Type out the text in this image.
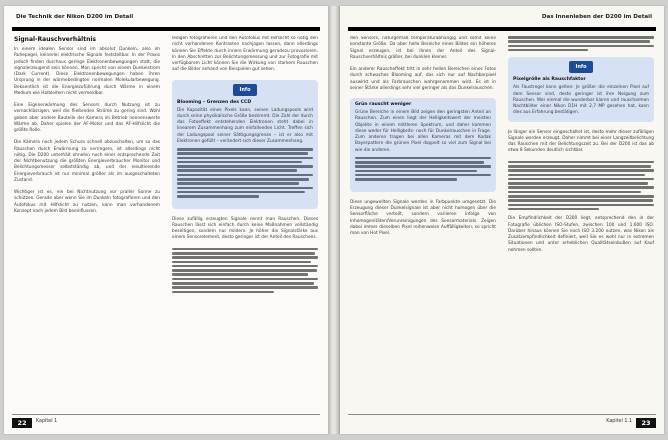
Die Technik der Nikon D200 im Detail
Signal-Rauschverhältnis

In einem idealen Sensor sind im absolut Dunkeln, also im Ruhepegel, keinerlei elektrische Signale feststellbar. In der Praxis jedoch finden durchaus geringe Elektronenbewegungen statt, die signalerzeugend sein können. Man spricht von einem Dunkelstrom (Dark Current). Diese Elektronenbewegungen haben ihren Ursprung in der wärmebedingten normalen Molekularbewegung. Bekanntlich ist die Energiezuführung durch Wärme in einem Medium wie Halbleitern nicht vermeidbar.

Eine Eigenerwärmung des Sensors durch Nutzung ist zu vernachlässigen, weil die fließenden Ströme zu gering sind. Wohl geben aber andere Bauteile der Kamera im Betrieb nennenswerte Wärme ab. Daher spielen der AF-Motor und das AF-Hilfslicht die größte Rolle.

Die Kamera noch jedem Schuss schnell abzuschalten, um so das Rauschen durch Erwärmung zu verringern, ist allerdings nicht nötig. Die D200 unterhält ohnehin noch einer entsprechende Zeit der Nichtbenutzung die größten Energieverbraucher Monitor und Belichtungsmesser selbstständig ab, und der resultierende Energieverbrauch ist nur minimal größer als im ausgeschalteten Zustand.

Wichtiger ist es, ein bei Nichtnutzung vor praller Sonne zu schützen. Gerade aber wenn Sie im Dunkeln fotografieren und den Autofokus mit Hilfslicht zu nutzen, kann man vorhandenem Konzept nach jedem Bild beeinflussen.

ledigen fotografieren und den Autofokus mit Hilfslicht so nötig den nicht vorhandenen Kontrasten nachjagen lassen, dann allerdings können Sie Effekte durch innere Erwärmung geradezu provozieren. In den Abschnitten zur Belichtungsmessung und zur Fotografie mit verfügbarem Licht können Sie die Wirkung von starkem Rauschen auf die Bilder anhand von Beispielen gut sehen.

Info
Blooming – Grenzen des CCD

Die Kapazität eines Pixels kann, seinen Ladungspools wird durch seine physikalische Größe bestimmt. Die Zahl der durch das Fotoeffekt entstehenden Elektronen steht dabei in linearem Zusammenhang zum einfallenden Licht. Treffen sich der Ladungspool seiner Sättigungsgrenze – ist er also mit Elektronen gefüllt – verändert sich dieser Zusammenhang.

Diese zufällig erzeugten Signale nennt man Rauschen. Dieses Rauschen lässt sich einfach durch keine Maßnahmen vollständig beseitigen, sondern nur mildern. Je höher die Signalstärke aus einem Sensorelement, desto geringer ist der Anteil des Rauschens.

22	Kapitel 1
Das Innenleben der D200 im Detail

den Sensors, naturgemäß temperaturabhängig und somit keine konstante Größe. Da aber helle Bereiche eines Bildes ein höheres Signal erzeugen, ist bei ihnen der Anteil des Signal-Rauschverhältnis größer, bei dunklen kleiner.

Ein anderer Rauscheffekt tritt in sehr hellen Bereichen eines Fotos durch schwaches Blooming auf, das sich nur auf Nachbarpixel auswirkt und als Farbrauschen wahrgenommen wird. Es ist in seiner Stärke allerdings sehr viel geringer als das Dunkelrauschen.

Grün rauscht weniger

Grüne Bereiche in einem Bild zeigen den geringsten Anteil an Rauschen. Zum einen liegt der Helligkeitswert der meisten Objekte in einem mittleren Spektrum, und daher kommen diese weder für Helligkeits- noch für Dunkelrauschen in Frage. Zum anderen tragen bei allen Kameras mit dem Kodak Bayerpattern die grünen Pixel doppelt so viel zum Signal bei wie die anderen.

Diese ungewollten Signale werden in Farbpunkte umgesetzt. Die Erzeugung dieser Dunkelsignale ist aber nicht homogen über die Sensorfläche verteilt, sondern variieren infolge von Inhomogenitäten/Verunreinigungen des Sensormaterials. Zeigen dabei immer dieselben Pixel reihenweise Auffälligkeiten, so spricht man von Hot Pixel.

Info
Pixelgröße als Rauschfaktor

Als Faustregel kann gelten: Je größer die einzelnen Pixel auf dem Sensor sind, desto geringer ist ihre Neigung zum Rauschen. Wer einmal die wunderbar klaren und rauscharmen Nachtbilder einer Nikon D1H mit 2,7 MP gesehen hat, kann dies aus Erfahrung bestätigen.

Je länger ein Sensor eingeschaltet ist, desto mehr dieser zufälligen Signale werden erzeugt. Daher nimmt bei einer Langzeitbelichtung das Rauschen mit der Belichtungszeit zu. Bei der D200 ist das ab etwa 8 Sekunden deutlich sichtbar.

Die Empfindlichkeit der D200 liegt, entsprechend den in der Fotografie üblichen ISO-Stufen, zwischen 100 und 1.600 ISO. Darüber hinaus können Sie noch ISO 3.200 nutzen, was Nikon als Zusatzempfindlichkeit definiert, weil Sie es wohl nur in extremen Situationen und unter erheblichen Qualitätseinbußen auf Kauf nehmen sollten.

Kapitel 1.1	23
